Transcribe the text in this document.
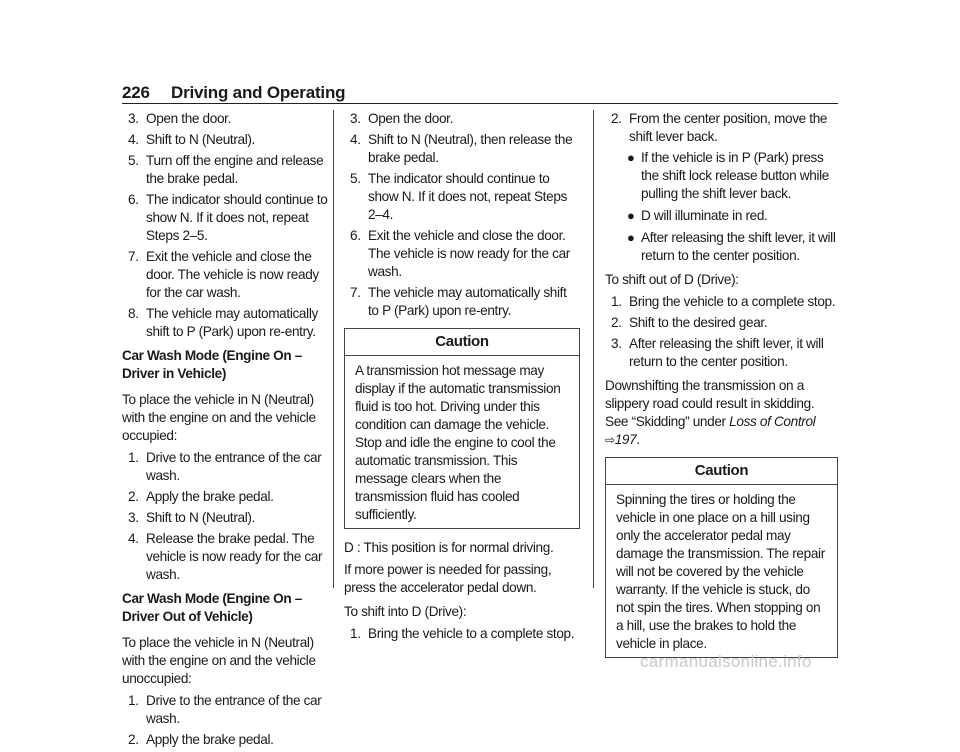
226 Driving and Operating
3. Open the door.
4. Shift to N (Neutral).
5. Turn off the engine and release the brake pedal.
6. The indicator should continue to show N. If it does not, repeat Steps 2–5.
7. Exit the vehicle and close the door. The vehicle is now ready for the car wash.
8. The vehicle may automatically shift to P (Park) upon re-entry.
Car Wash Mode (Engine On – Driver in Vehicle)
To place the vehicle in N (Neutral) with the engine on and the vehicle occupied:
1. Drive to the entrance of the car wash.
2. Apply the brake pedal.
3. Shift to N (Neutral).
4. Release the brake pedal. The vehicle is now ready for the car wash.
Car Wash Mode (Engine On – Driver Out of Vehicle)
To place the vehicle in N (Neutral) with the engine on and the vehicle unoccupied:
1. Drive to the entrance of the car wash.
2. Apply the brake pedal.
3. Open the door.
4. Shift to N (Neutral), then release the brake pedal.
5. The indicator should continue to show N. If it does not, repeat Steps 2–4.
6. Exit the vehicle and close the door. The vehicle is now ready for the car wash.
7. The vehicle may automatically shift to P (Park) upon re-entry.
Caution
A transmission hot message may display if the automatic transmission fluid is too hot. Driving under this condition can damage the vehicle. Stop and idle the engine to cool the automatic transmission. This message clears when the transmission fluid has cooled sufficiently.
D : This position is for normal driving.
If more power is needed for passing, press the accelerator pedal down.
To shift into D (Drive):
1. Bring the vehicle to a complete stop.
2. From the center position, move the shift lever back.
● If the vehicle is in P (Park) press the shift lock release button while pulling the shift lever back.
● D will illuminate in red.
● After releasing the shift lever, it will return to the center position.
To shift out of D (Drive):
1. Bring the vehicle to a complete stop.
2. Shift to the desired gear.
3. After releasing the shift lever, it will return to the center position.
Downshifting the transmission on a slippery road could result in skidding. See “Skidding” under Loss of Control ⇨197.
Caution
Spinning the tires or holding the vehicle in one place on a hill using only the accelerator pedal may damage the transmission. The repair will not be covered by the vehicle warranty. If the vehicle is stuck, do not spin the tires. When stopping on a hill, use the brakes to hold the vehicle in place.
carmanualsonline.info
